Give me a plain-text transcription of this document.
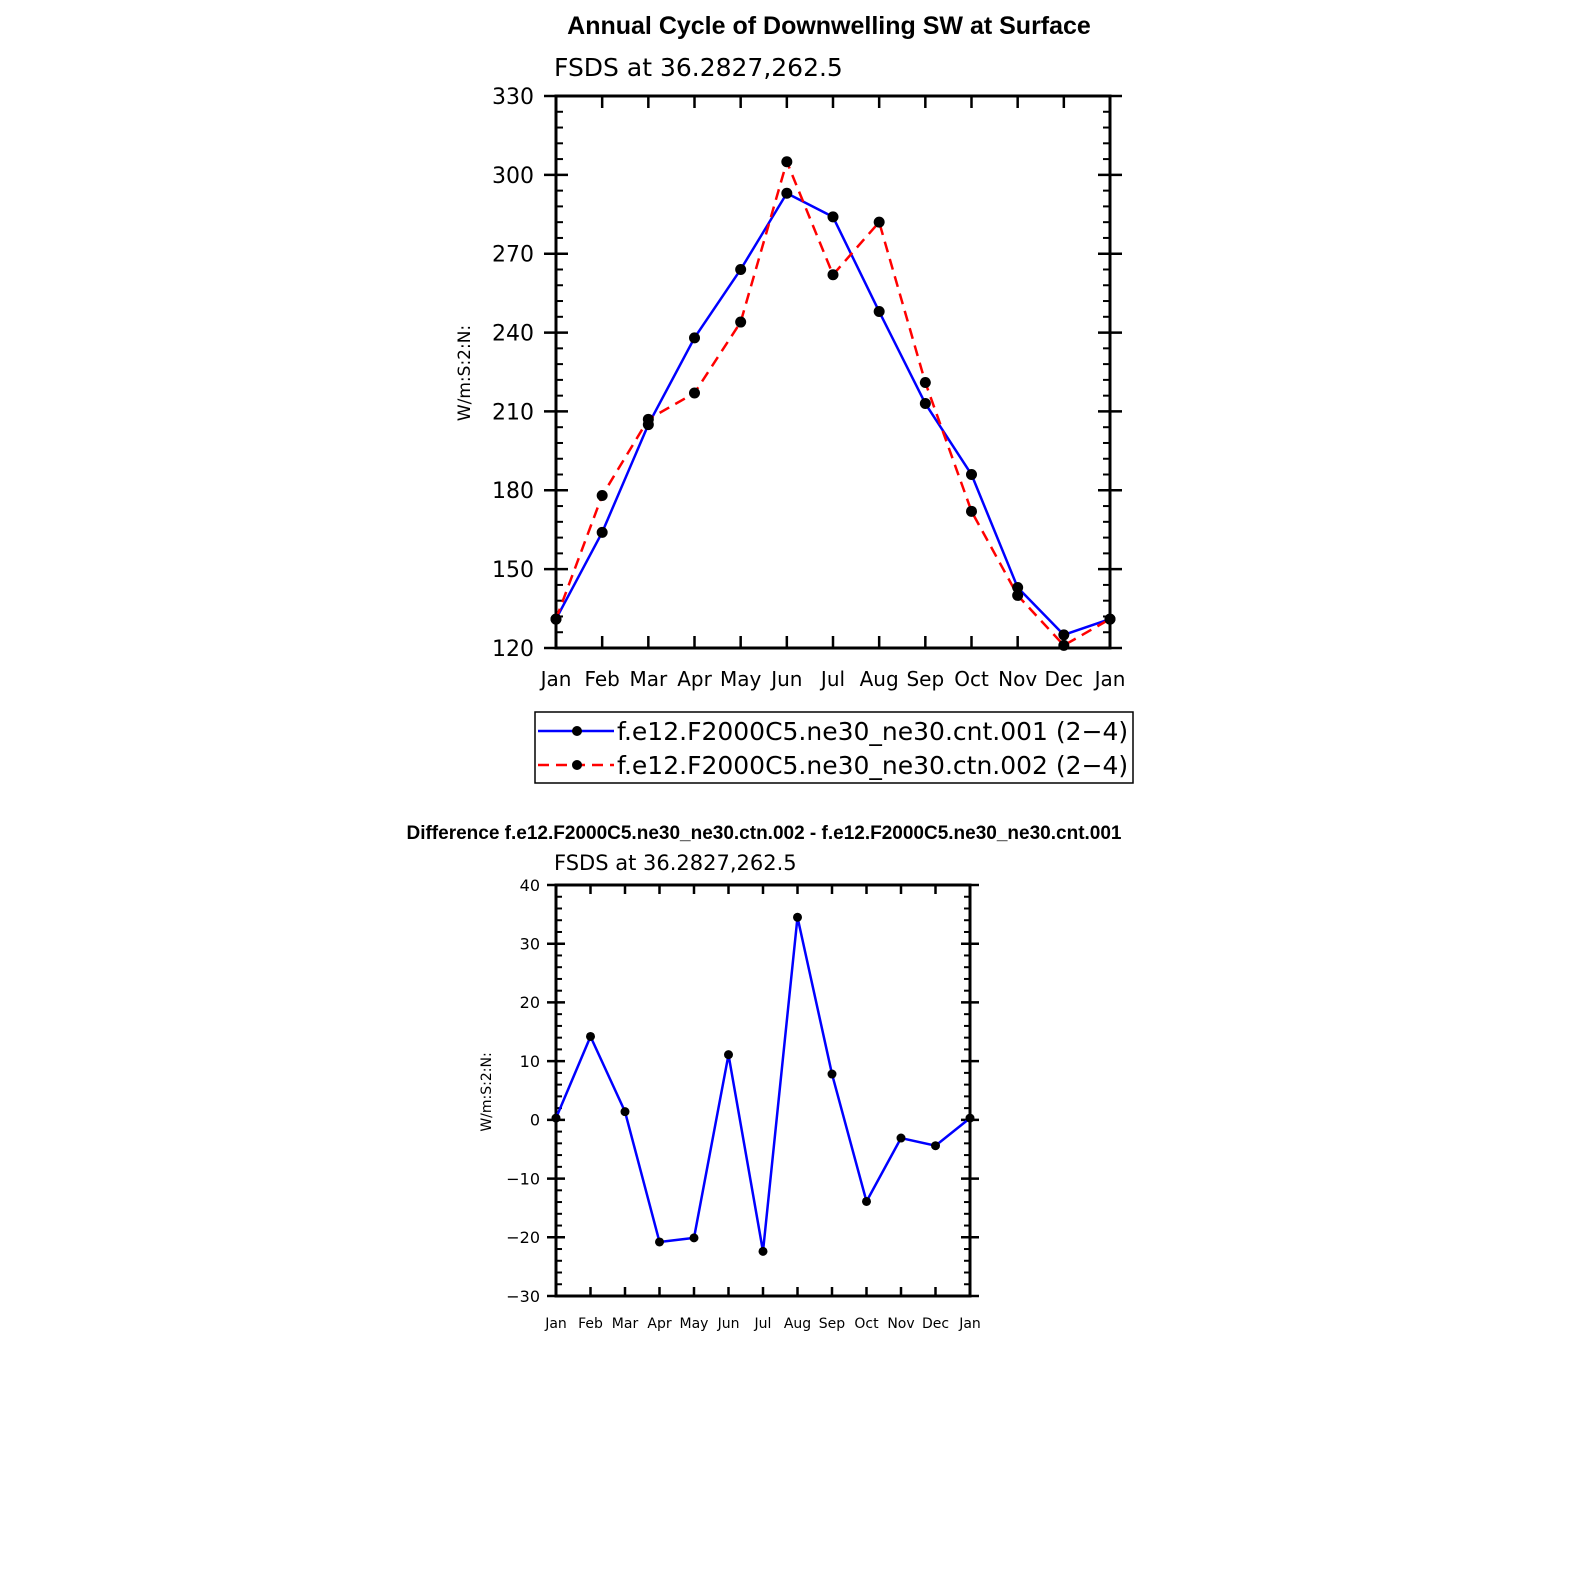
Annual Cycle of Downwelling SW at Surface
FSDS at 36.2827,262.5
W/m:S:2:N:
120
150
180
210
240
270
300
330
Jan Feb Mar Apr May Jun Jul Aug Sep Oct Nov Dec Jan
f.e12.F2000C5.ne30_ne30.cnt.001 (2−4)
f.e12.F2000C5.ne30_ne30.ctn.002 (2−4)
Difference f.e12.F2000C5.ne30_ne30.ctn.002 - f.e12.F2000C5.ne30_ne30.cnt.001
FSDS at 36.2827,262.5
W/m:S:2:N:
−30
−20
−10
0
10
20
30
40
Jan Feb Mar Apr May Jun Jul Aug Sep Oct Nov Dec Jan
